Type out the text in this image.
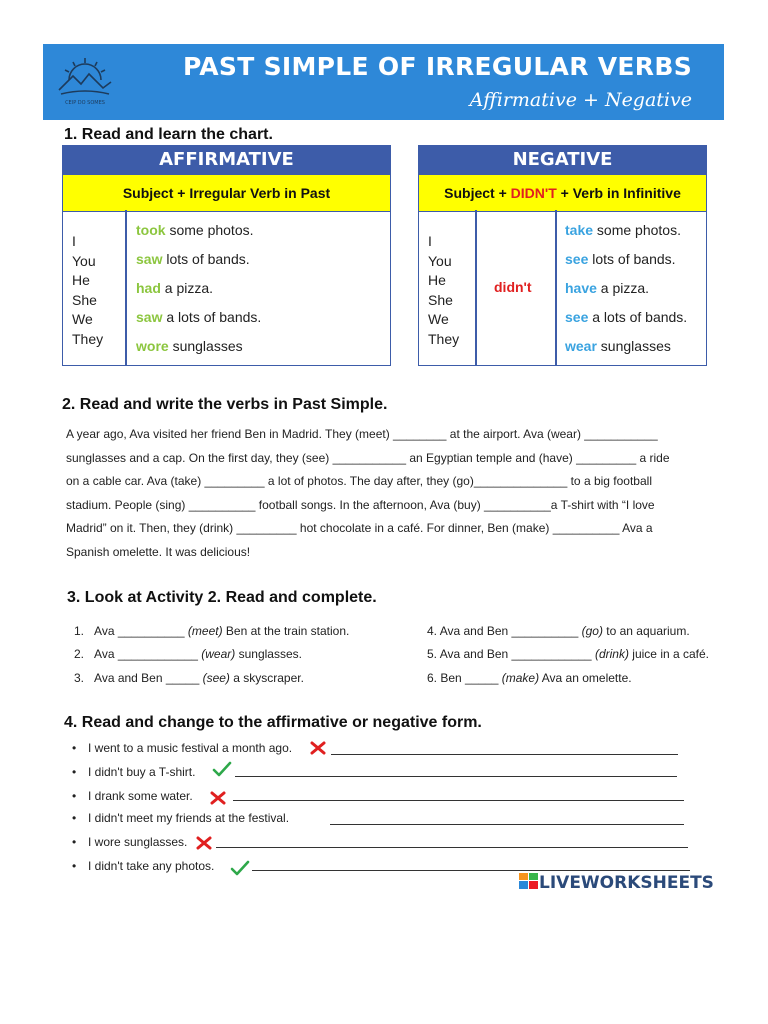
CEIP DO SOMES
PAST SIMPLE OF IRREGULAR VERBS
Affirmative + Negative
1. Read and learn the chart.
AFFIRMATIVE
Subject + Irregular Verb in Past
I
You
He
She
We
They
took some photos.
saw lots of bands.
had a pizza.
saw a lots of bands.
wore sunglasses
NEGATIVE
Subject + DIDN'T + Verb in Infinitive
I
You
He
She
We
They
didn't
take some photos.
see lots of bands.
have a pizza.
see a lots of bands.
wear sunglasses
2. Read and write the verbs in Past Simple.
A year ago, Ava visited her friend Ben in Madrid. They (meet) ________ at the airport. Ava (wear) ___________
sunglasses and a cap. On the first day, they (see) ___________ an Egyptian temple and (have) _________ a ride
on a cable car. Ava (take) _________ a lot of photos. The day after, they (go)______________ to a big football
stadium. People (sing) __________ football songs. In the afternoon, Ava (buy) __________a T-shirt with “I love
Madrid” on it. Then, they (drink) _________ hot chocolate in a café. For dinner, Ben (make) __________ Ava a
Spanish omelette. It was delicious!
3. Look at Activity 2. Read and complete.
1. Ava __________ (meet) Ben at the train station.
2. Ava ____________ (wear) sunglasses.
3. Ava and Ben _____ (see) a skyscraper.
4. Ava and Ben __________ (go) to an aquarium.
5. Ava and Ben ____________ (drink) juice in a café.
6. Ben _____ (make) Ava an omelette.
4. Read and change to the affirmative or negative form.
• I went to a music festival a month ago.
• I didn't buy a T-shirt.
• I drank some water.
• I didn't meet my friends at the festival.
• I wore sunglasses.
• I didn't take any photos.
LIVEWORKSHEETS
